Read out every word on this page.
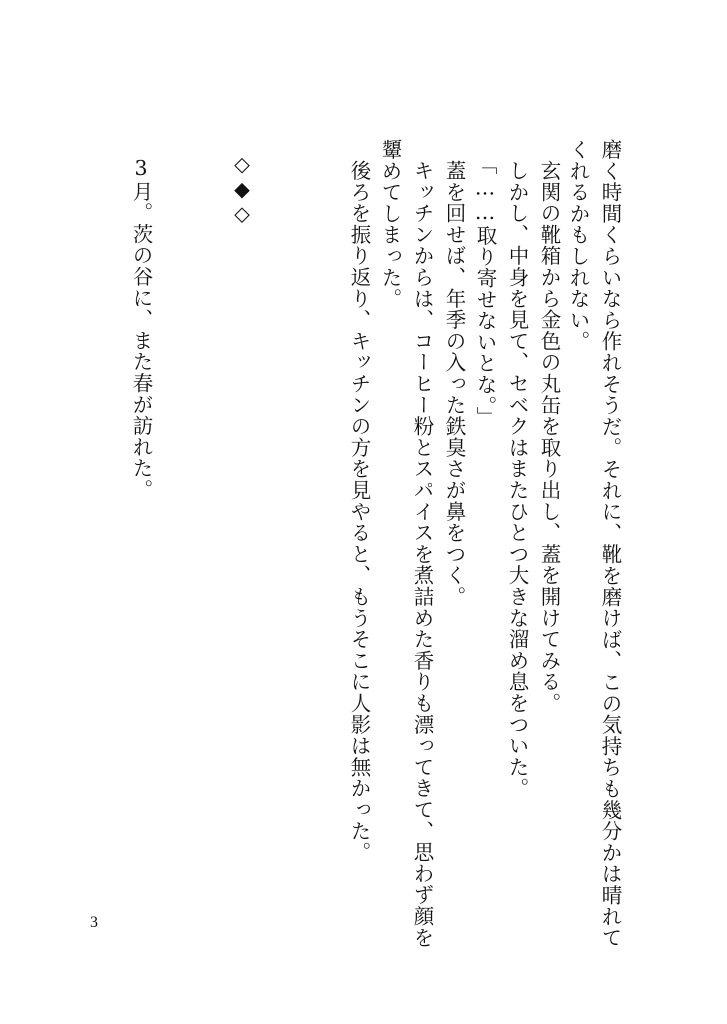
磨く時間くらいなら作れそうだ。それに、靴を磨けば、この気持ちも幾分かは晴れて
くれるかもしれない。
玄関の靴箱から金色の丸缶を取り出し、蓋を開けてみる。
しかし、中身を見て、セベクはまたひとつ大きな溜め息をついた。
「……取り寄せないとな。」
蓋を回せば、年季の入った鉄臭さが鼻をつく。
キッチンからは、コーヒー粉とスパイスを煮詰めた香りも漂ってきて、思わず顔を
顰めてしまった。
後ろを振り返り、キッチンの方を見やると、もうそこに人影は無かった。
◇◆◇
3月。茨の谷に、また春が訪れた。
3
